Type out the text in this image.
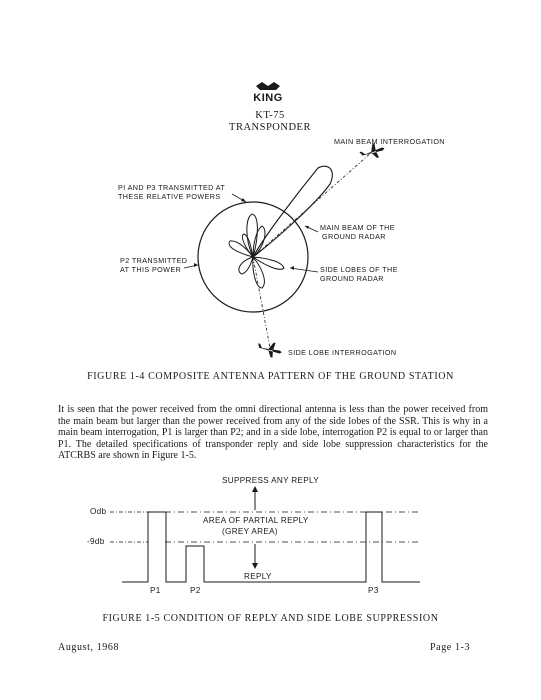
KING
KT-75
TRANSPONDER
MAIN BEAM INTERROGATION
PI AND P3 TRANSMITTED AT
THESE RELATIVE POWERS
MAIN BEAM OF THE
GROUND RADAR
P2 TRANSMITTED
AT THIS POWER	SIDE LOBES OF THE
GROUND RADAR
SIDE LOBE INTERROGATION
FIGURE 1-4 COMPOSITE ANTENNA PATTERN OF THE GROUND STATION
It is seen that the power received from the omni directional antenna is less than the power received from the main beam but larger than the power received from any of the side lobes of the SSR. This is why in a main beam interrogation, P1 is larger than P2; and in a side lobe, interrogation P2 is equal to or larger than P1. The detailed specifications of transponder reply and side lobe suppression characteristics for the ATCRBS are shown in Figure 1-5.
SUPPRESS ANY REPLY
Odb
-9db
AREA OF PARTIAL REPLY
(GREY AREA)
REPLY
P1	P2	P3
FIGURE 1-5 CONDITION OF REPLY AND SIDE LOBE SUPPRESSION
August, 1968	Page 1-3
